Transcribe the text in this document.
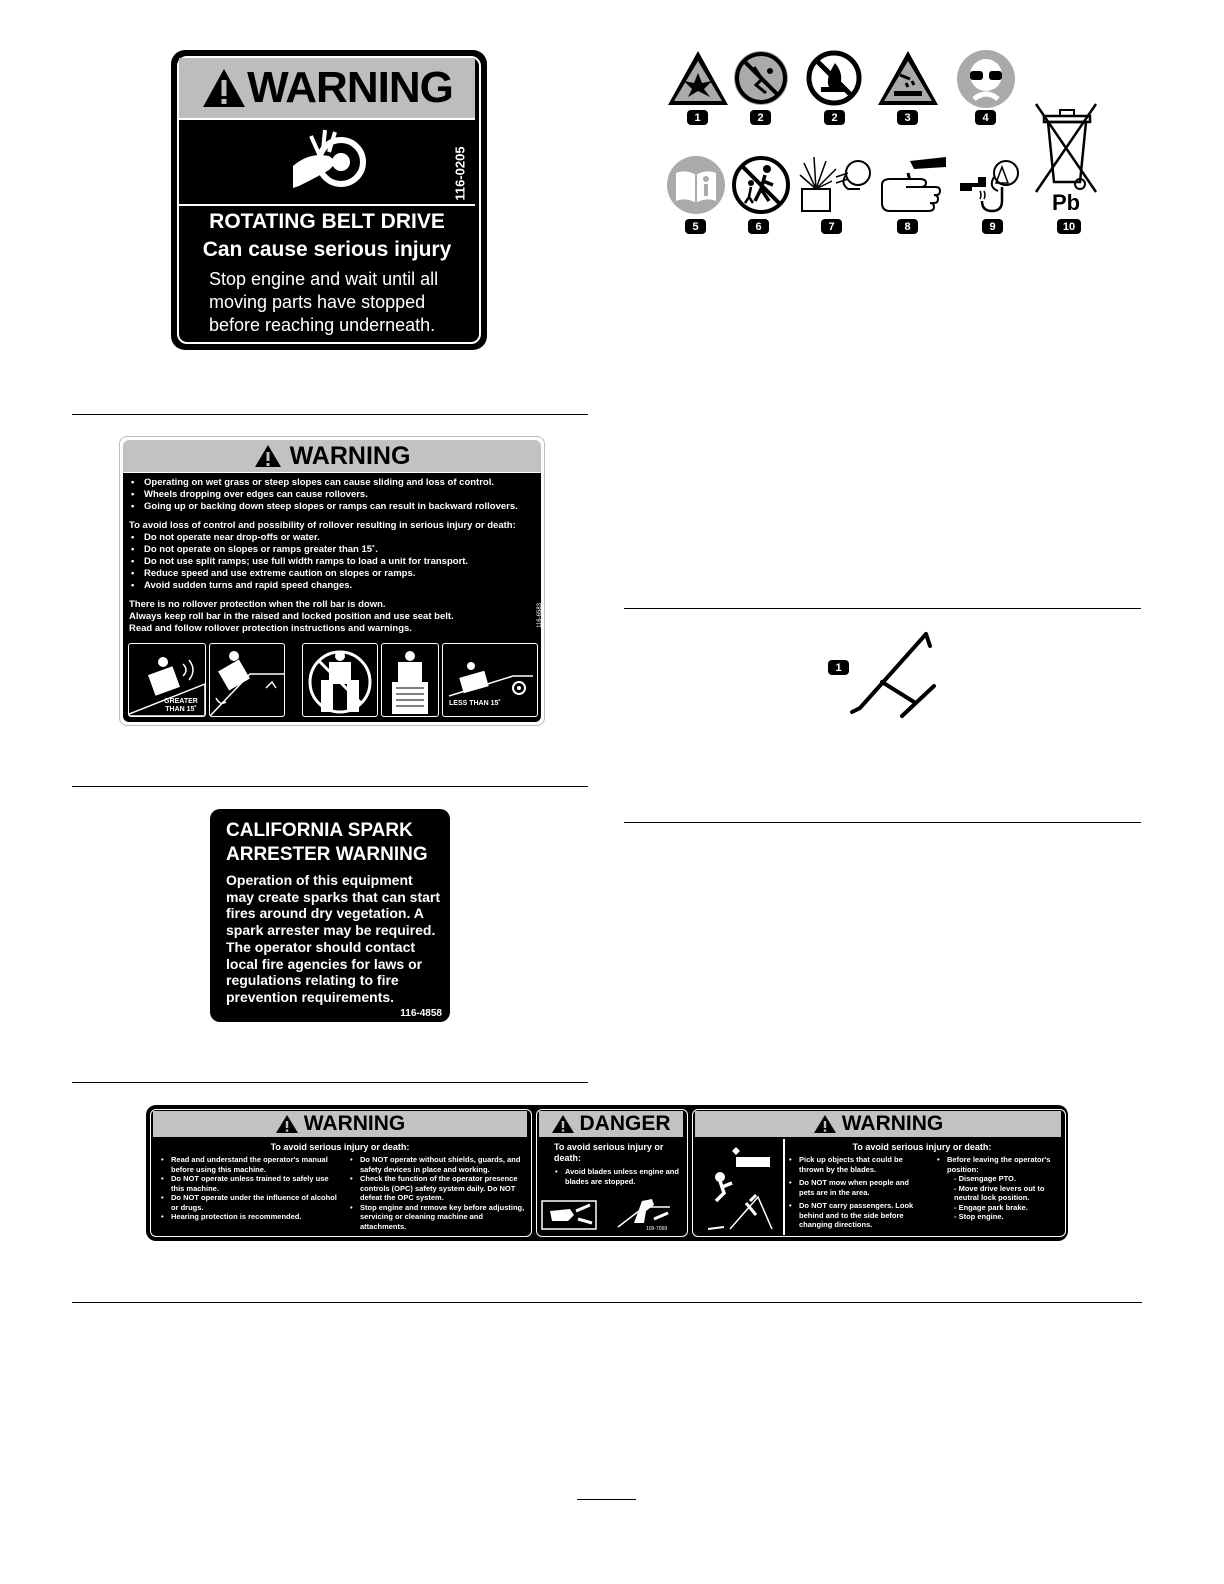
WARNING
116-0205
ROTATING BELT DRIVE
Can cause serious injury
Stop engine and wait until all
moving parts have stopped
before reaching underneath.
WARNING
• Operating on wet grass or steep slopes can cause sliding and loss of control.
• Wheels dropping over edges can cause rollovers.
• Going up or backing down steep slopes or ramps can result in backward rollovers.
To avoid loss of control and possibility of rollover resulting in serious injury or death:
• Do not operate near drop-offs or water.
• Do not operate on slopes or ramps greater than 15˚.
• Do not use split ramps; use full width ramps to load a unit for transport.
• Reduce speed and use extreme caution on slopes or ramps.
• Avoid sudden turns and rapid speed changes.
There is no rollover protection when the roll bar is down.
Always keep roll bar in the raised and locked position and use seat belt.
Read and follow rollover protection instructions and warnings.
116-6583
GREATER THAN 15˚
LESS THAN 15˚
CALIFORNIA SPARK
ARRESTER WARNING
Operation of this equipment
may create sparks that can start
fires around dry vegetation. A
spark arrester may be required.
The operator should contact
local fire agencies for laws or
regulations relating to fire
prevention requirements.
116-4858
1	2	2	3	4
Pb
5	6	7	8	9	10
1
WARNING
To avoid serious injury or death:
• Read and understand the operator's manual before using this machine.
• Do NOT operate unless trained to safely use this machine.
• Do NOT operate under the influence of alcohol or drugs.
• Hearing protection is recommended.
• Do NOT operate without shields, guards, and safety devices in place and working.
• Check the function of the operator presence controls (OPC) safety system daily. Do NOT defeat the OPC system.
• Stop engine and remove key before adjusting, servicing or cleaning machine and attachments.
DANGER
To avoid serious injury or death:
• Avoid blades unless engine and blades are stopped.
109-7069
WARNING
To avoid serious injury or death:
• Pick up objects that could be thrown by the blades.
• Do NOT mow when people and pets are in the area.
• Do NOT carry passengers. Look behind and to the side before changing directions.
• Before leaving the operator's position:
- Disengage PTO.
- Move drive levers out to neutral lock position.
- Engage park brake.
- Stop engine.
